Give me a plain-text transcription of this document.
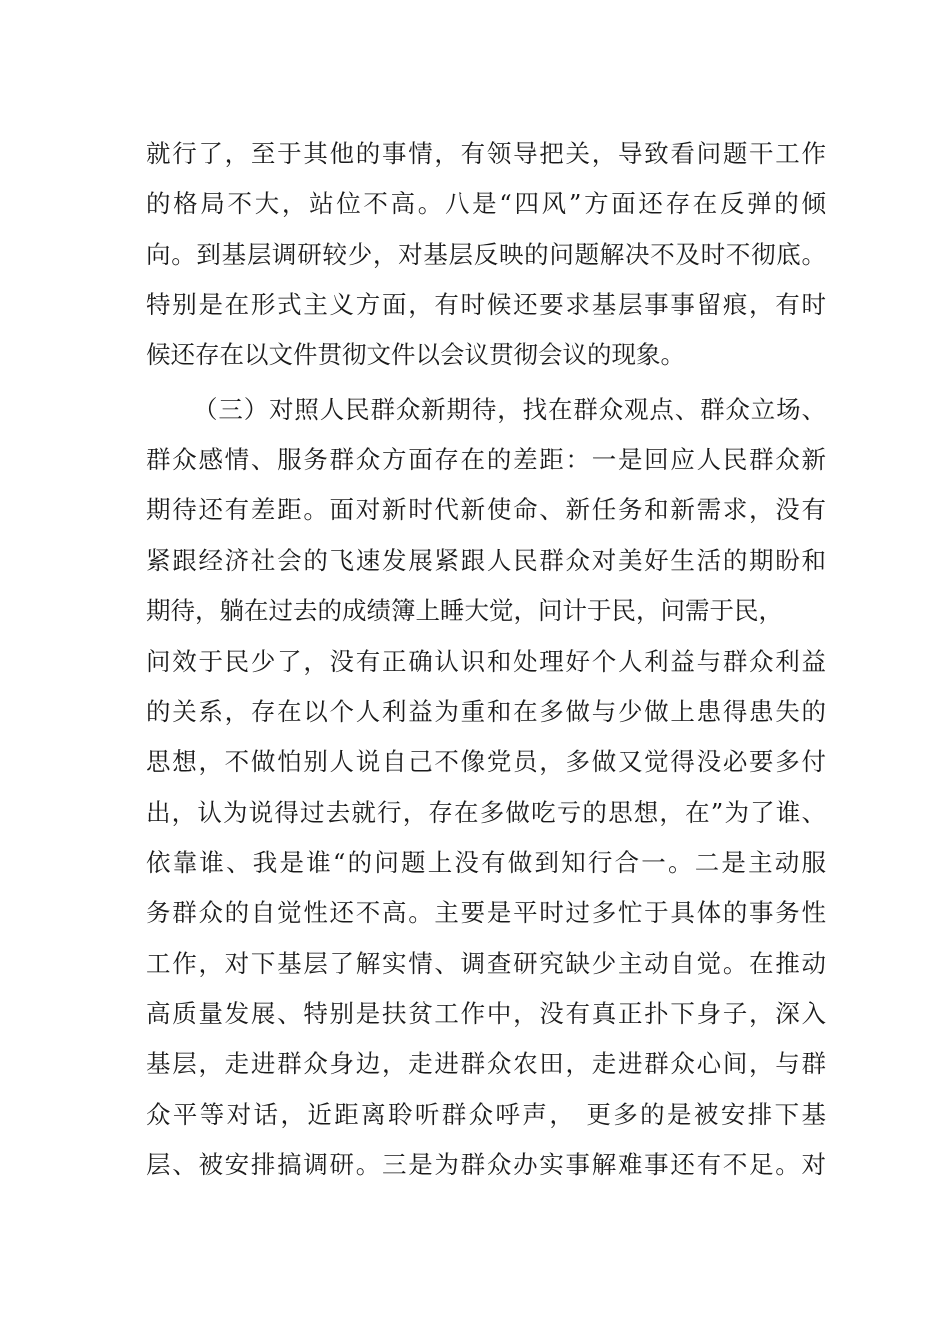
就行了，至于其他的事情，有领导把关，导致看问题干工作
的格局不大，站位不高。八是“四风”方面还存在反弹的倾
向。到基层调研较少，对基层反映的问题解决不及时不彻底。
特别是在形式主义方面，有时候还要求基层事事留痕，有时
候还存在以文件贯彻文件以会议贯彻会议的现象。
（三）对照人民群众新期待，找在群众观点、群众立场、
群众感情、服务群众方面存在的差距：一是回应人民群众新
期待还有差距。面对新时代新使命、新任务和新需求，没有
紧跟经济社会的飞速发展紧跟人民群众对美好生活的期盼和
期待，躺在过去的成绩簿上睡大觉，问计于民，问需于民，
问效于民少了，没有正确认识和处理好个人利益与群众利益
的关系，存在以个人利益为重和在多做与少做上患得患失的
思想，不做怕别人说自己不像党员，多做又觉得没必要多付
出，认为说得过去就行，存在多做吃亏的思想，在”为了谁、
依靠谁、我是谁“的问题上没有做到知行合一。二是主动服
务群众的自觉性还不高。主要是平时过多忙于具体的事务性
工作，对下基层了解实情、调查研究缺少主动自觉。在推动
高质量发展、特别是扶贫工作中，没有真正扑下身子，深入
基层，走进群众身边，走进群众农田，走进群众心间，与群
众平等对话，近距离聆听群众呼声， 更多的是被安排下基
层、被安排搞调研。三是为群众办实事解难事还有不足。对
